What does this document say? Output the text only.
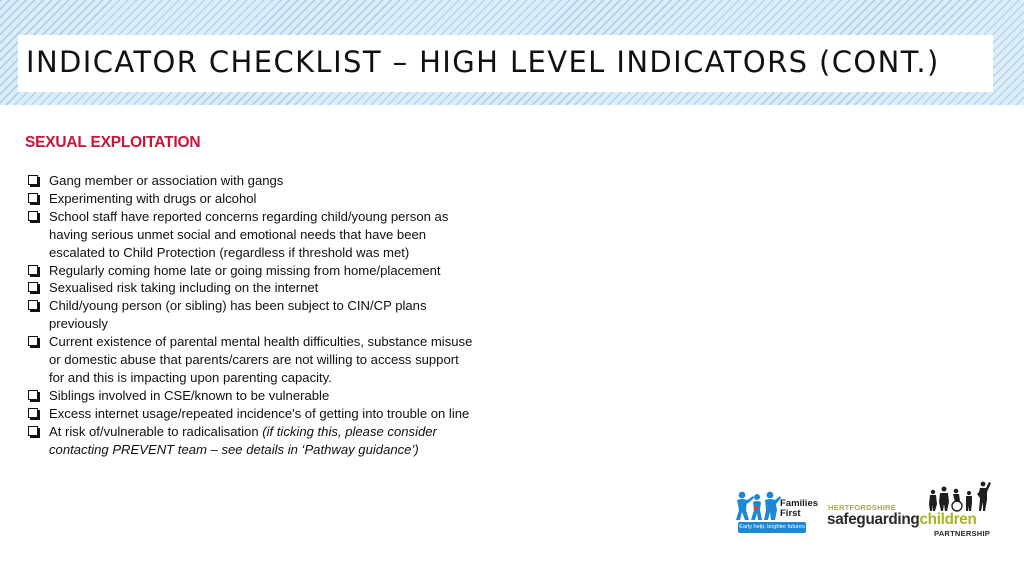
INDICATOR CHECKLIST – HIGH LEVEL INDICATORS (CONT.)
SEXUAL EXPLOITATION
Gang member or association with gangs
Experimenting with drugs or alcohol
School staff have reported concerns regarding child/young person as having serious unmet social and emotional needs that have been escalated to Child Protection (regardless if threshold was met)
Regularly coming home late or going missing from home/placement
Sexualised risk taking including on the internet
Child/young person (or sibling) has been subject to CIN/CP plans previously
Current existence of parental mental health difficulties, substance misuse or domestic abuse that parents/carers are not willing to access support for and this is impacting upon parenting capacity.
Siblings involved in CSE/known to be vulnerable
Excess internet usage/repeated incidence's of getting into trouble on line
At risk of/vulnerable to radicalisation (if ticking this, please consider contacting PREVENT team – see details in ‘Pathway guidance’)
Families
First
Early help, brighter futures
HERTFORDSHIRE
safeguardingchildren
PARTNERSHIP
